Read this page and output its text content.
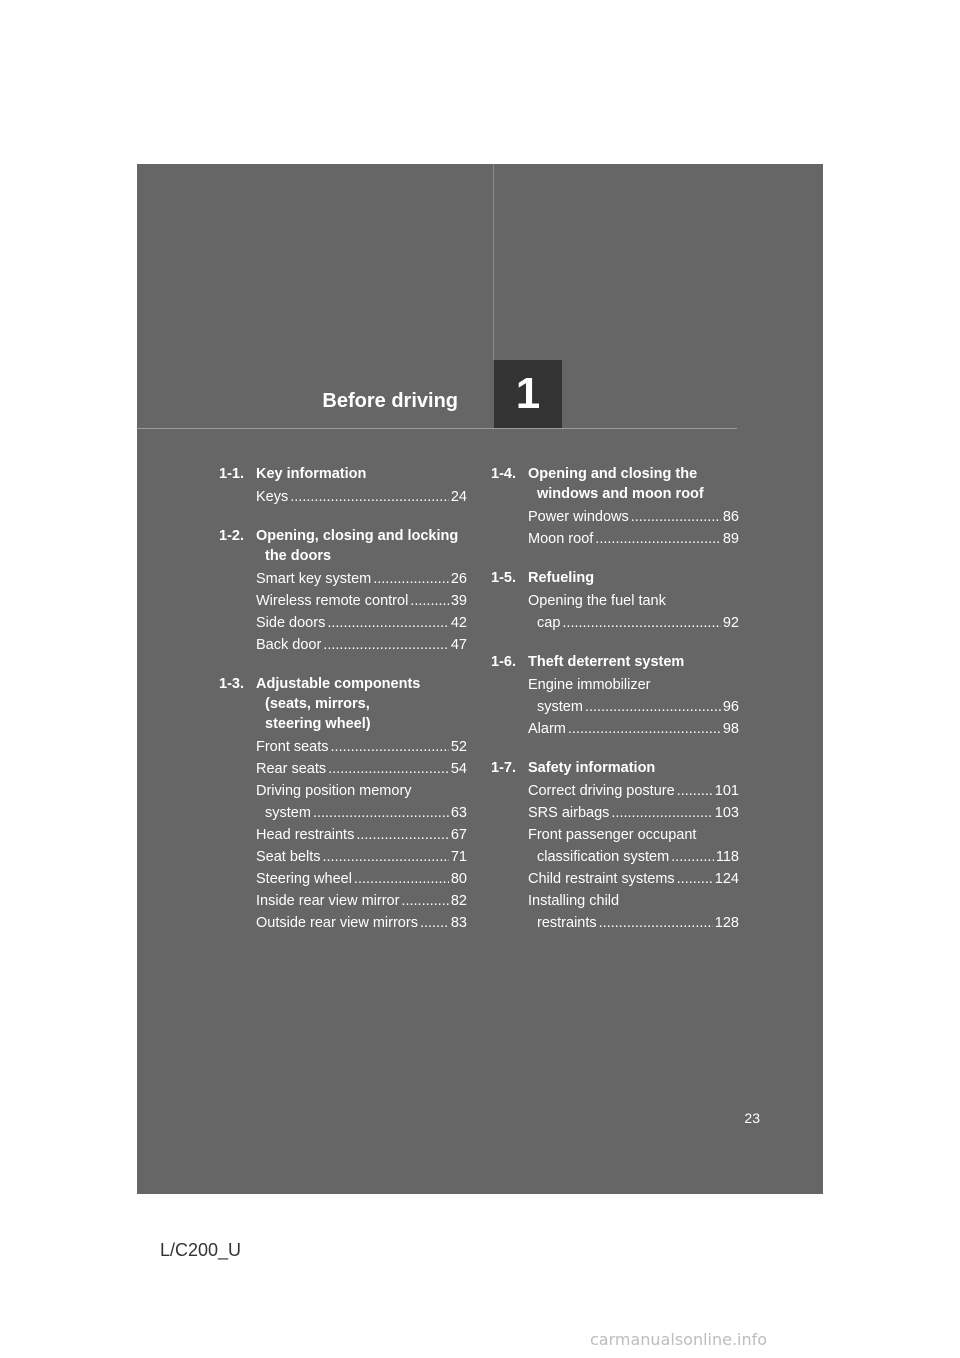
Before driving 1
1-1. Key information
Keys .....	24
1-2. Opening, closing and locking
the doors
Smart key system .....	26
Wireless remote control .....	39
Side doors .....	42
Back door .....	47
1-3. Adjustable components
(seats, mirrors,
steering wheel)
Front seats .....	52
Rear seats .....	54
Driving position memory
system .....	63
Head restraints .....	67
Seat belts .....	71
Steering wheel .....	80
Inside rear view mirror .....	82
Outside rear view mirrors ..... 83
1-4. Opening and closing the
windows and moon roof
Power windows .....	86
Moon roof .....	89
1-5. Refueling
Opening the fuel tank
cap .....	92
1-6. Theft deterrent system
Engine immobilizer
system .....	96
Alarm .....	98
1-7. Safety information
Correct driving posture .....	101
SRS airbags .....	103
Front passenger occupant
classification system .....	118
Child restraint systems .....	124
Installing child
restraints .....	128
23
L/C200_U
carmanualsonline.info
